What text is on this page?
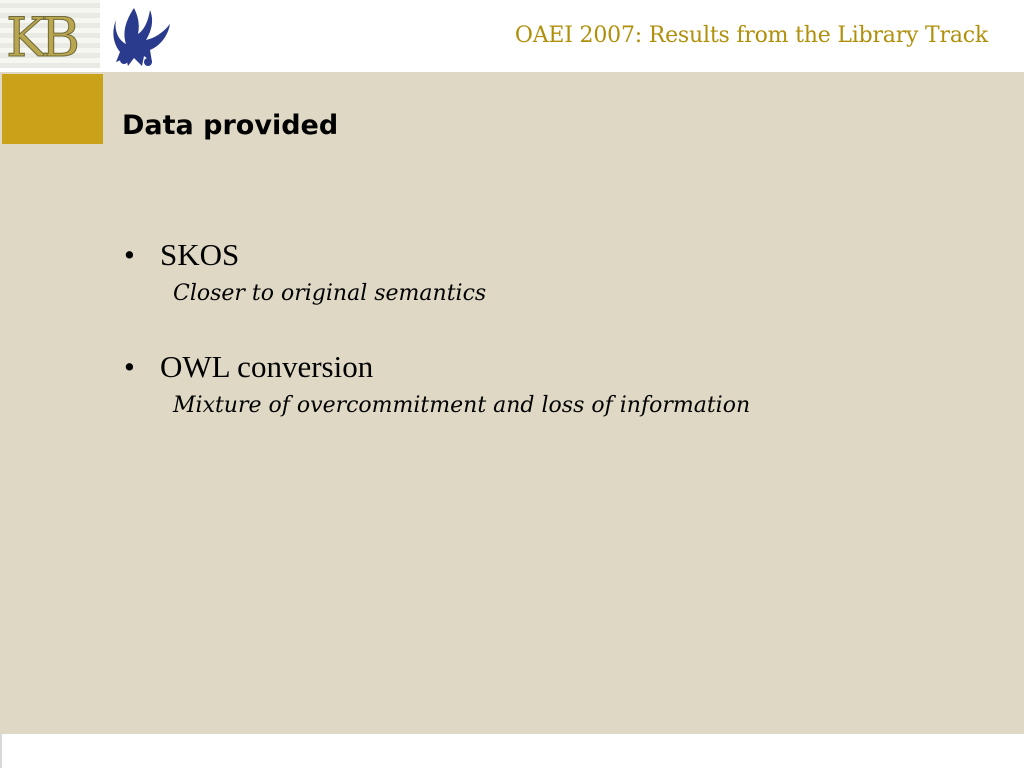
KB	OAEI 2007: Results from the Library Track
Data provided
• SKOS
Closer to original semantics
• OWL conversion
Mixture of overcommitment and loss of information
